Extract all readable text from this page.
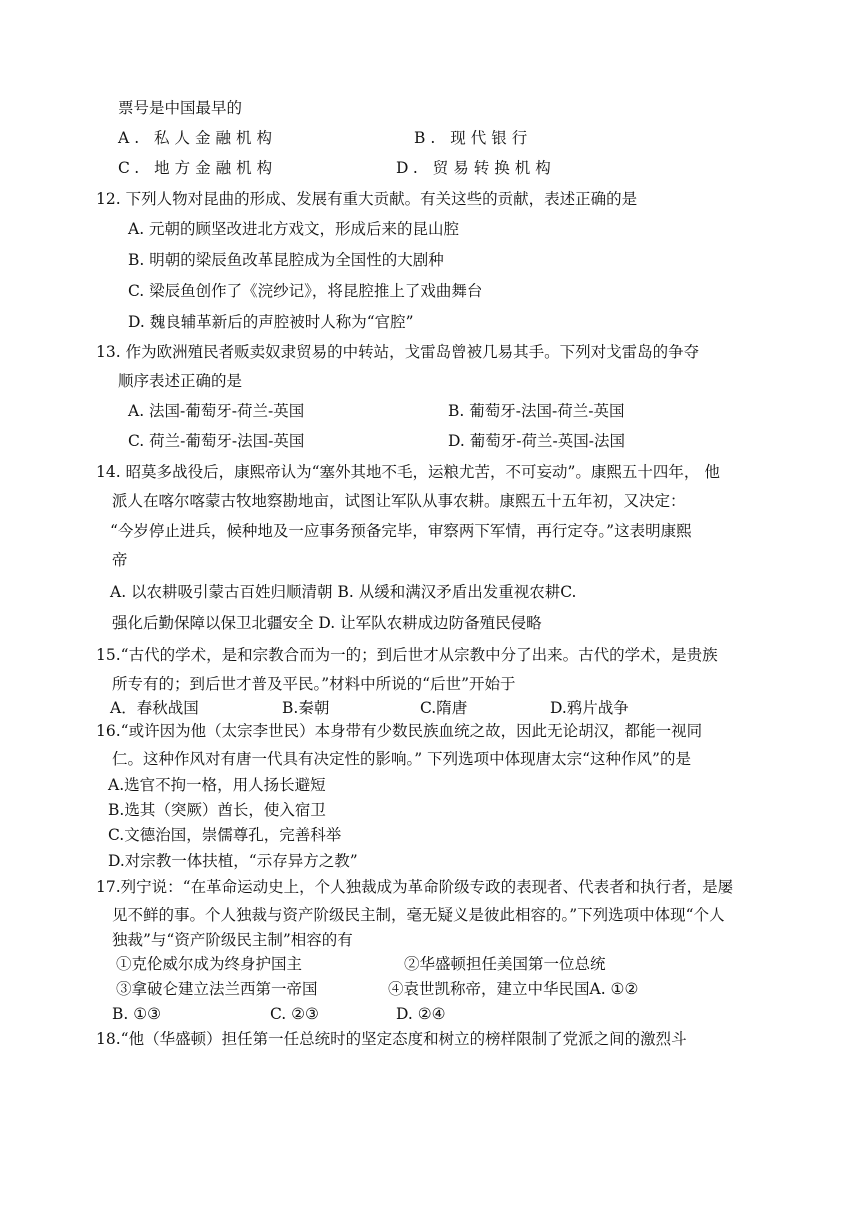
票号是中国最早的
A. 私人金融机构	B. 现代银行
C. 地方金融机构	D. 贸易转换机构
12. 下列人物对昆曲的形成、发展有重大贡献。有关这些的贡献，表述正确的是
A. 元朝的顾坚改进北方戏文，形成后来的昆山腔
B. 明朝的梁辰鱼改革昆腔成为全国性的大剧种
C. 梁辰鱼创作了《浣纱记》，将昆腔推上了戏曲舞台
D. 魏良辅革新后的声腔被时人称为“官腔”
13. 作为欧洲殖民者贩卖奴隶贸易的中转站，戈雷岛曾被几易其手。下列对戈雷岛的争夺
顺序表述正确的是
A. 法国-葡萄牙-荷兰-英国	B. 葡萄牙-法国-荷兰-英国
C. 荷兰-葡萄牙-法国-英国	D. 葡萄牙-荷兰-英国-法国
14. 昭莫多战役后，康熙帝认为“塞外其地不毛，运粮尤苦，不可妄动”。康熙五十四年， 他
派人在喀尔喀蒙古牧地察勘地亩，试图让军队从事农耕。康熙五十五年初，又决定：
“今岁停止进兵，候种地及一应事务预备完毕，审察两下军情，再行定夺。”这表明康熙
帝
A. 以农耕吸引蒙古百姓归顺清朝 B. 从缓和满汉矛盾出发重视农耕C.
强化后勤保障以保卫北疆安全 D. 让军队农耕成边防备殖民侵略
15.“古代的学术，是和宗教合而为一的；到后世才从宗教中分了出来。古代的学术，是贵族
所专有的；到后世才普及平民。”材料中所说的“后世”开始于
A．春秋战国	B.秦朝	C.隋唐	D.鸦片战争
16.“或许因为他（太宗李世民）本身带有少数民族血统之故，因此无论胡汉，都能一视同
仁。这种作风对有唐一代具有决定性的影响。” 下列选项中体现唐太宗“这种作风”的是
A.选官不拘一格，用人扬长避短
B.选其（突厥）酋长，使入宿卫
C.文德治国，崇儒尊孔，完善科举
D.对宗教一体扶植，“示存异方之教”
17.列宁说：“在革命运动史上，个人独裁成为革命阶级专政的表现者、代表者和执行者，是屡
见不鲜的事。个人独裁与资产阶级民主制，毫无疑义是彼此相容的。”下列选项中体现“个人
独裁”与“资产阶级民主制”相容的有
①克伦威尔成为终身护国主	②华盛顿担任美国第一位总统
③拿破仑建立法兰西第一帝国	④袁世凯称帝，建立中华民国A. ①②
B. ①③	C. ②③	D. ②④
18.“他（华盛顿）担任第一任总统时的坚定态度和树立的榜样限制了党派之间的激烈斗
